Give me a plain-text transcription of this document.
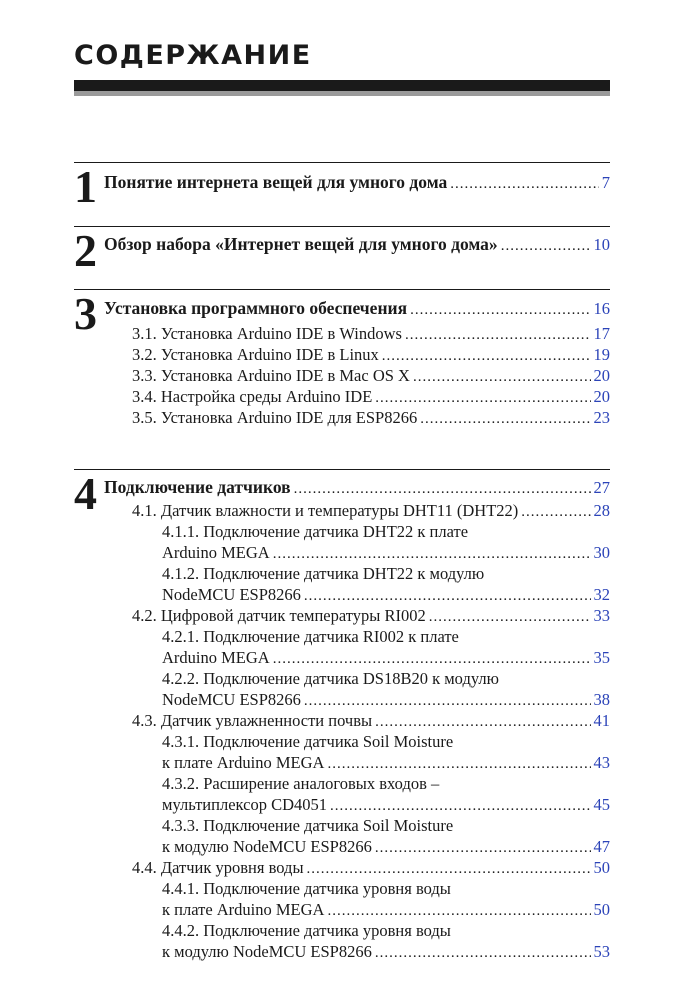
СОДЕРЖАНИЕ
1 Понятие интернета вещей для умного дома .....	7
2 Обзор набора «Интернет вещей для умного дома» .....	10
3 Установка программного обеспечения .....	16
3.1. Установка Arduino IDE в Windows .....	17
3.2. Установка Arduino IDE в Linux .....	19
3.3. Установка Arduino IDE в Mac OS X .....	20
3.4. Настройка среды Arduino IDE .....	20
3.5. Установка Arduino IDE для ESP8266 .....	23
4 Подключение датчиков .....	27
4.1. Датчик влажности и температуры DHT11 (DHT22) .....	28
4.1.1. Подключение датчика DHT22 к плате
Arduino MEGA .....	30
4.1.2. Подключение датчика DHT22 к модулю
NodeMCU ESP8266 .....	32
4.2. Цифровой датчик температуры RI002 .....	33
4.2.1. Подключение датчика RI002 к плате
Arduino MEGA .....	35
4.2.2. Подключение датчика DS18B20 к модулю
NodeMCU ESP8266 .....	38
4.3. Датчик увлажненности почвы .....	41
4.3.1. Подключение датчика Soil Moisture
к плате Arduino MEGA .....	43
4.3.2. Расширение аналоговых входов –
мультиплексор CD4051 .....	45
4.3.3. Подключение датчика Soil Moisture
к модулю NodeMCU ESP8266 .....	47
4.4. Датчик уровня воды .....	50
4.4.1. Подключение датчика уровня воды
к плате Arduino MEGA .....	50
4.4.2. Подключение датчика уровня воды
к модулю NodeMCU ESP8266 .....	53
